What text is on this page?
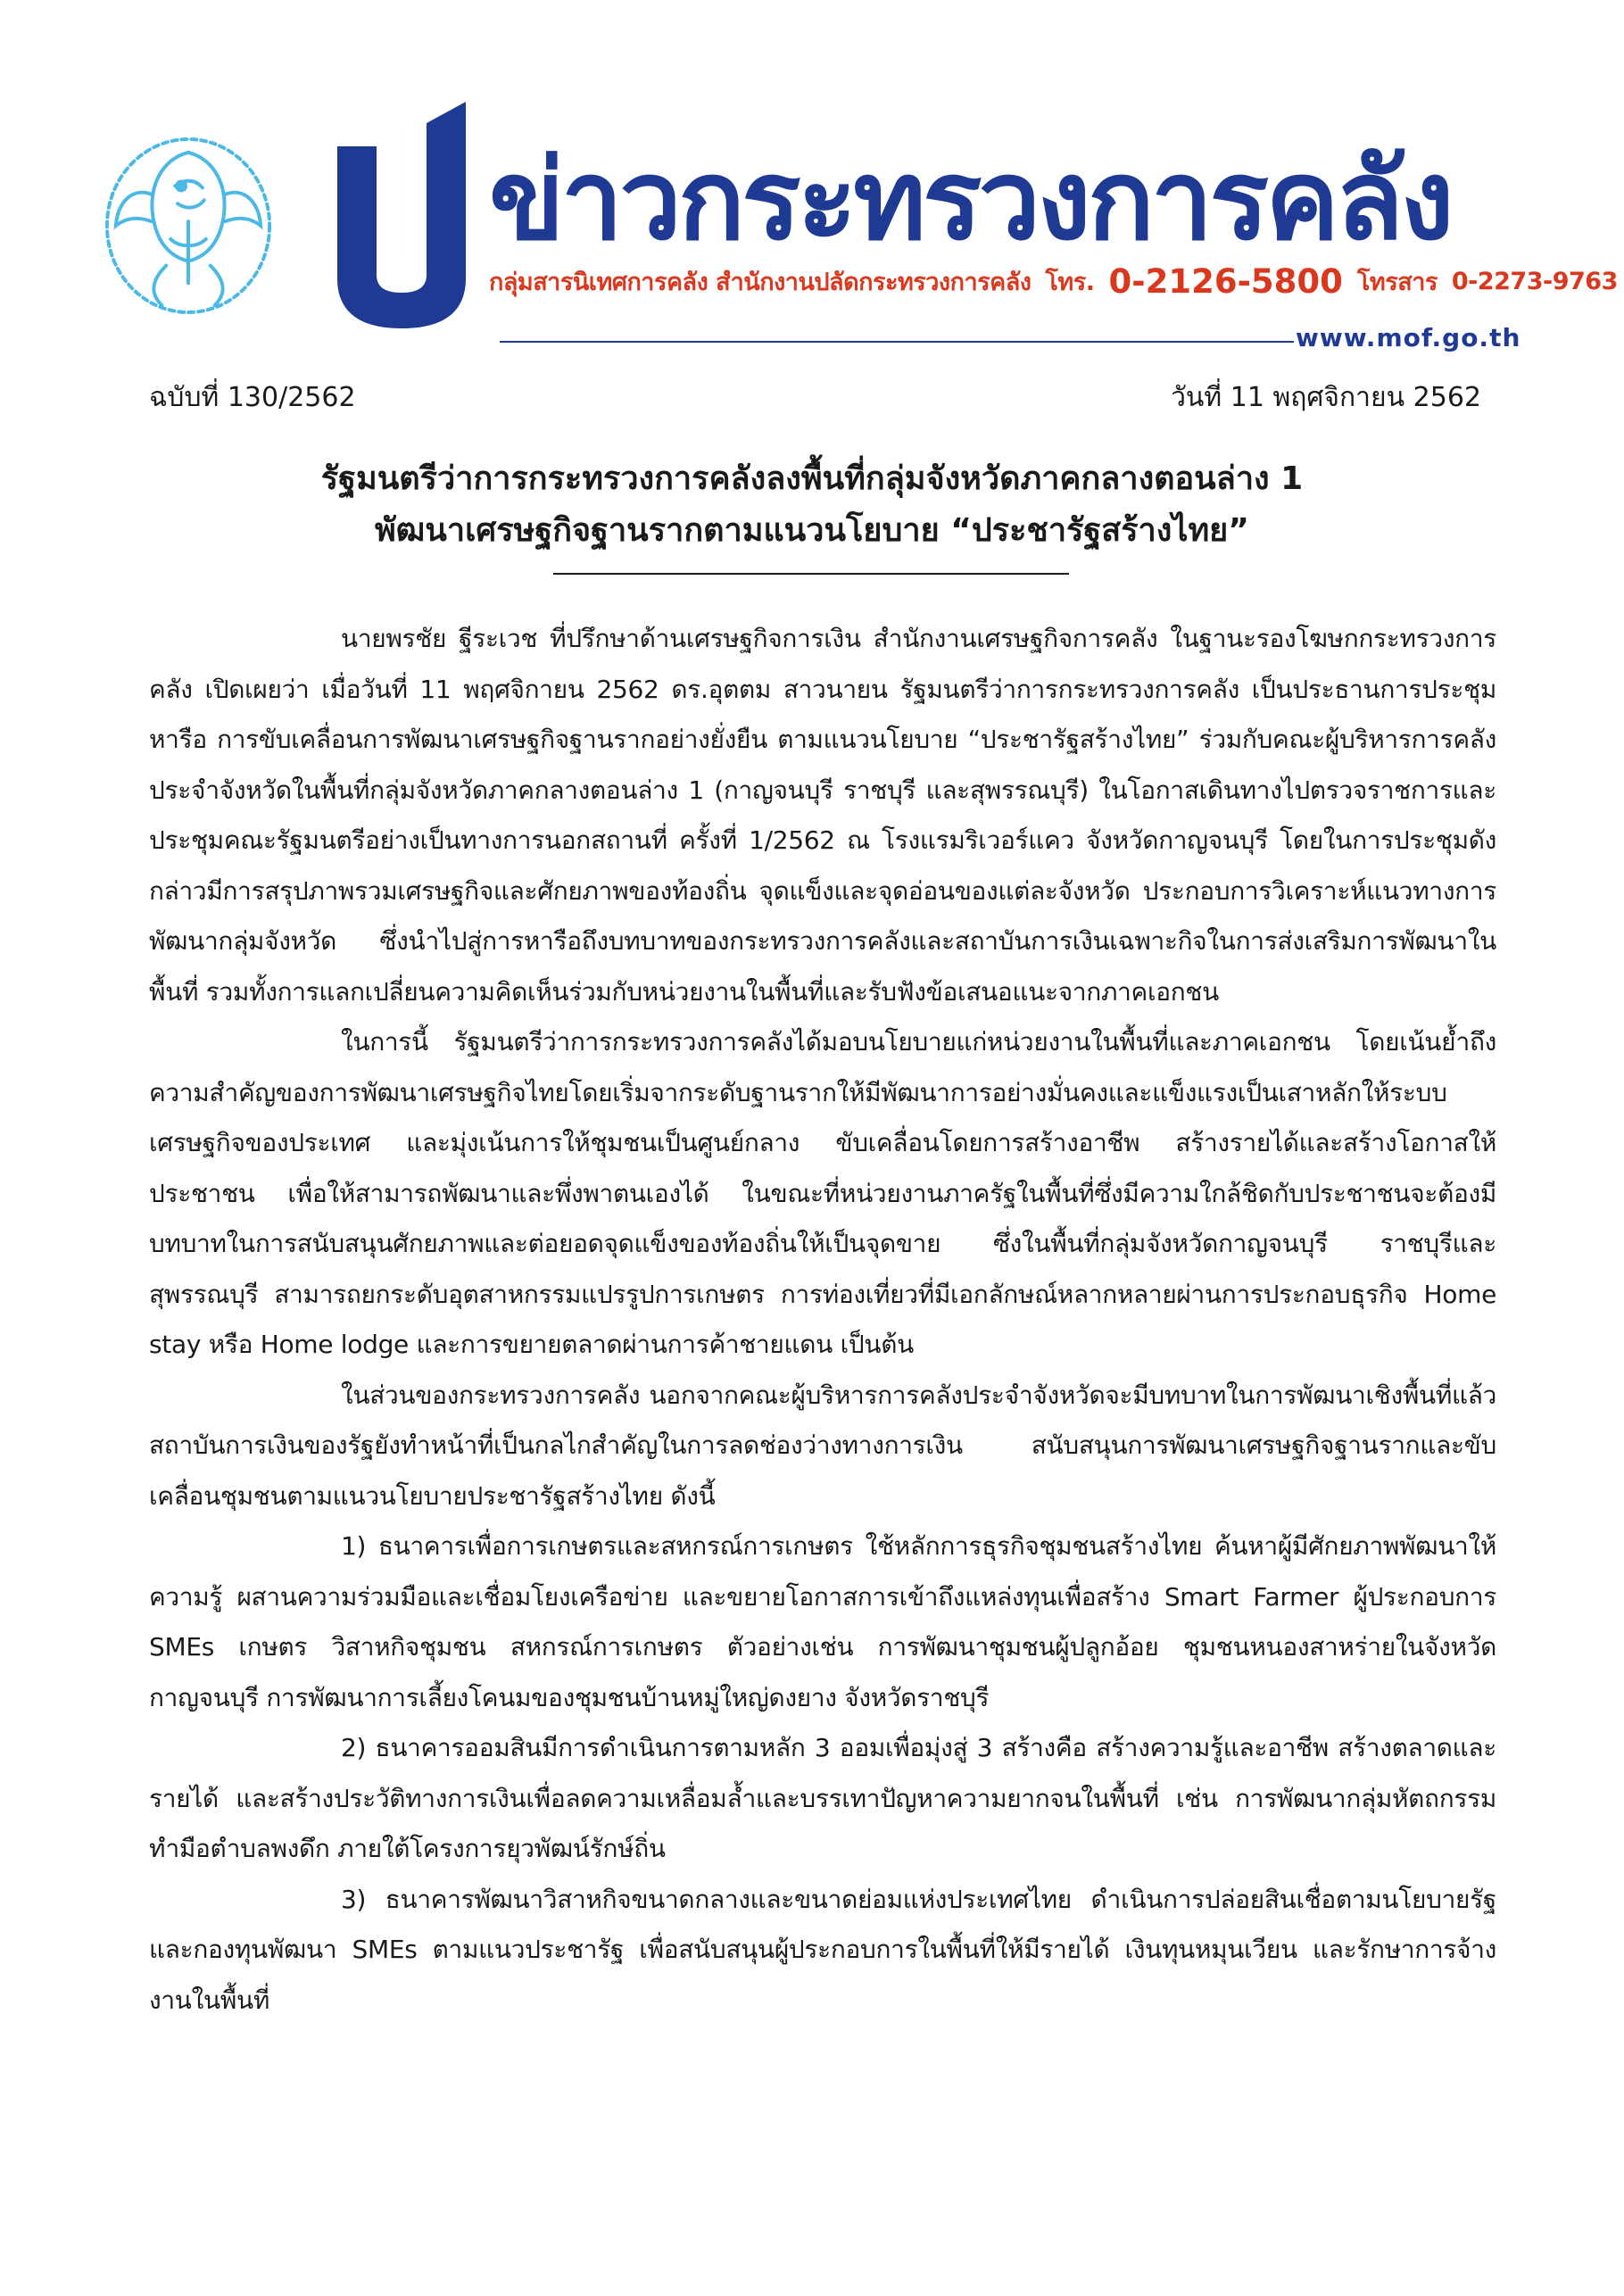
ข่าวกระทรวงการคลัง
กลุ่มสารนิเทศการคลัง สำนักงานปลัดกระทรวงการคลัง โทร. 0-2126-5800 โทรสาร 0-2273-9763
www.mof.go.th
ฉบับที่ 130/2562	วันที่ 11 พฤศจิกายน 2562
รัฐมนตรีว่าการกระทรวงการคลังลงพื้นที่กลุ่มจังหวัดภาคกลางตอนล่าง 1
พัฒนาเศรษฐกิจฐานรากตามแนวนโยบาย “ประชารัฐสร้างไทย”

นายพรชัย ฐีระเวช ที่ปรึกษาด้านเศรษฐกิจการเงิน สำนักงานเศรษฐกิจการคลัง ในฐานะรองโฆษกกระทรวงการคลัง เปิดเผยว่า เมื่อวันที่ 11 พฤศจิกายน 2562 ดร.อุตตม สาวนายน รัฐมนตรีว่าการกระทรวงการคลัง เป็นประธานการประชุมหารือ การขับเคลื่อนการพัฒนาเศรษฐกิจฐานรากอย่างยั่งยืน ตามแนวนโยบาย “ประชารัฐสร้างไทย” ร่วมกับคณะผู้บริหารการคลังประจำจังหวัดในพื้นที่กลุ่มจังหวัดภาคกลางตอนล่าง 1 (กาญจนบุรี ราชบุรี และสุพรรณบุรี) ในโอกาสเดินทางไปตรวจราชการและประชุมคณะรัฐมนตรีอย่างเป็นทางการนอกสถานที่ ครั้งที่ 1/2562 ณ โรงแรมริเวอร์แคว จังหวัดกาญจนบุรี โดยในการประชุมดังกล่าวมีการสรุปภาพรวมเศรษฐกิจและศักยภาพของท้องถิ่น จุดแข็งและจุดอ่อนของแต่ละจังหวัด ประกอบการวิเคราะห์แนวทางการพัฒนากลุ่มจังหวัด ซึ่งนำไปสู่การหารือถึงบทบาทของกระทรวงการคลังและสถาบันการเงินเฉพาะกิจในการส่งเสริมการพัฒนาในพื้นที่ รวมทั้งการแลกเปลี่ยนความคิดเห็นร่วมกับหน่วยงานในพื้นที่และรับฟังข้อเสนอแนะจากภาคเอกชน

ในการนี้ รัฐมนตรีว่าการกระทรวงการคลังได้มอบนโยบายแก่หน่วยงานในพื้นที่และภาคเอกชน โดยเน้นย้ำถึงความสำคัญของการพัฒนาเศรษฐกิจไทยโดยเริ่มจากระดับฐานรากให้มีพัฒนาการอย่างมั่นคงและแข็งแรงเป็นเสาหลักให้ระบบ เศรษฐกิจของประเทศ และมุ่งเน้นการให้ชุมชนเป็นศูนย์กลาง ขับเคลื่อนโดยการสร้างอาชีพ สร้างรายได้และสร้างโอกาสให้ประชาชน เพื่อให้สามารถพัฒนาและพึ่งพาตนเองได้ ในขณะที่หน่วยงานภาครัฐในพื้นที่ซึ่งมีความใกล้ชิดกับประชาชนจะต้องมีบทบาทในการสนับสนุนศักยภาพและต่อยอดจุดแข็งของท้องถิ่นให้เป็นจุดขาย ซึ่งในพื้นที่กลุ่มจังหวัดกาญจนบุรี ราชบุรีและสุพรรณบุรี สามารถยกระดับอุตสาหกรรมแปรรูปการเกษตร การท่องเที่ยวที่มีเอกลักษณ์หลากหลายผ่านการประกอบธุรกิจ Home stay หรือ Home lodge และการขยายตลาดผ่านการค้าชายแดน เป็นต้น

ในส่วนของกระทรวงการคลัง นอกจากคณะผู้บริหารการคลังประจำจังหวัดจะมีบทบาทในการพัฒนาเชิงพื้นที่แล้ว สถาบันการเงินของรัฐยังทำหน้าที่เป็นกลไกสำคัญในการลดช่องว่างทางการเงิน สนับสนุนการพัฒนาเศรษฐกิจฐานรากและขับเคลื่อนชุมชนตามแนวนโยบายประชารัฐสร้างไทย ดังนี้

1) ธนาคารเพื่อการเกษตรและสหกรณ์การเกษตร ใช้หลักการธุรกิจชุมชนสร้างไทย ค้นหาผู้มีศักยภาพพัฒนาให้ความรู้ ผสานความร่วมมือและเชื่อมโยงเครือข่าย และขยายโอกาสการเข้าถึงแหล่งทุนเพื่อสร้าง Smart Farmer ผู้ประกอบการ SMEs เกษตร วิสาหกิจชุมชน สหกรณ์การเกษตร ตัวอย่างเช่น การพัฒนาชุมชนผู้ปลูกอ้อย ชุมชนหนองสาหร่ายในจังหวัดกาญจนบุรี การพัฒนาการเลี้ยงโคนมของชุมชนบ้านหมู่ใหญ่ดงยาง จังหวัดราชบุรี

2) ธนาคารออมสินมีการดำเนินการตามหลัก 3 ออมเพื่อมุ่งสู่ 3 สร้างคือ สร้างความรู้และอาชีพ สร้างตลาดและรายได้ และสร้างประวัติทางการเงินเพื่อลดความเหลื่อมล้ำและบรรเทาปัญหาความยากจนในพื้นที่ เช่น การพัฒนากลุ่มหัตถกรรมทำมือตำบลพงดึก ภายใต้โครงการยุวพัฒน์รักษ์ถิ่น

3) ธนาคารพัฒนาวิสาหกิจขนาดกลางและขนาดย่อมแห่งประเทศไทย ดำเนินการปล่อยสินเชื่อตามนโยบายรัฐและกองทุนพัฒนา SMEs ตามแนวประชารัฐ เพื่อสนับสนุนผู้ประกอบการในพื้นที่ให้มีรายได้ เงินทุนหมุนเวียน และรักษาการจ้างงานในพื้นที่
